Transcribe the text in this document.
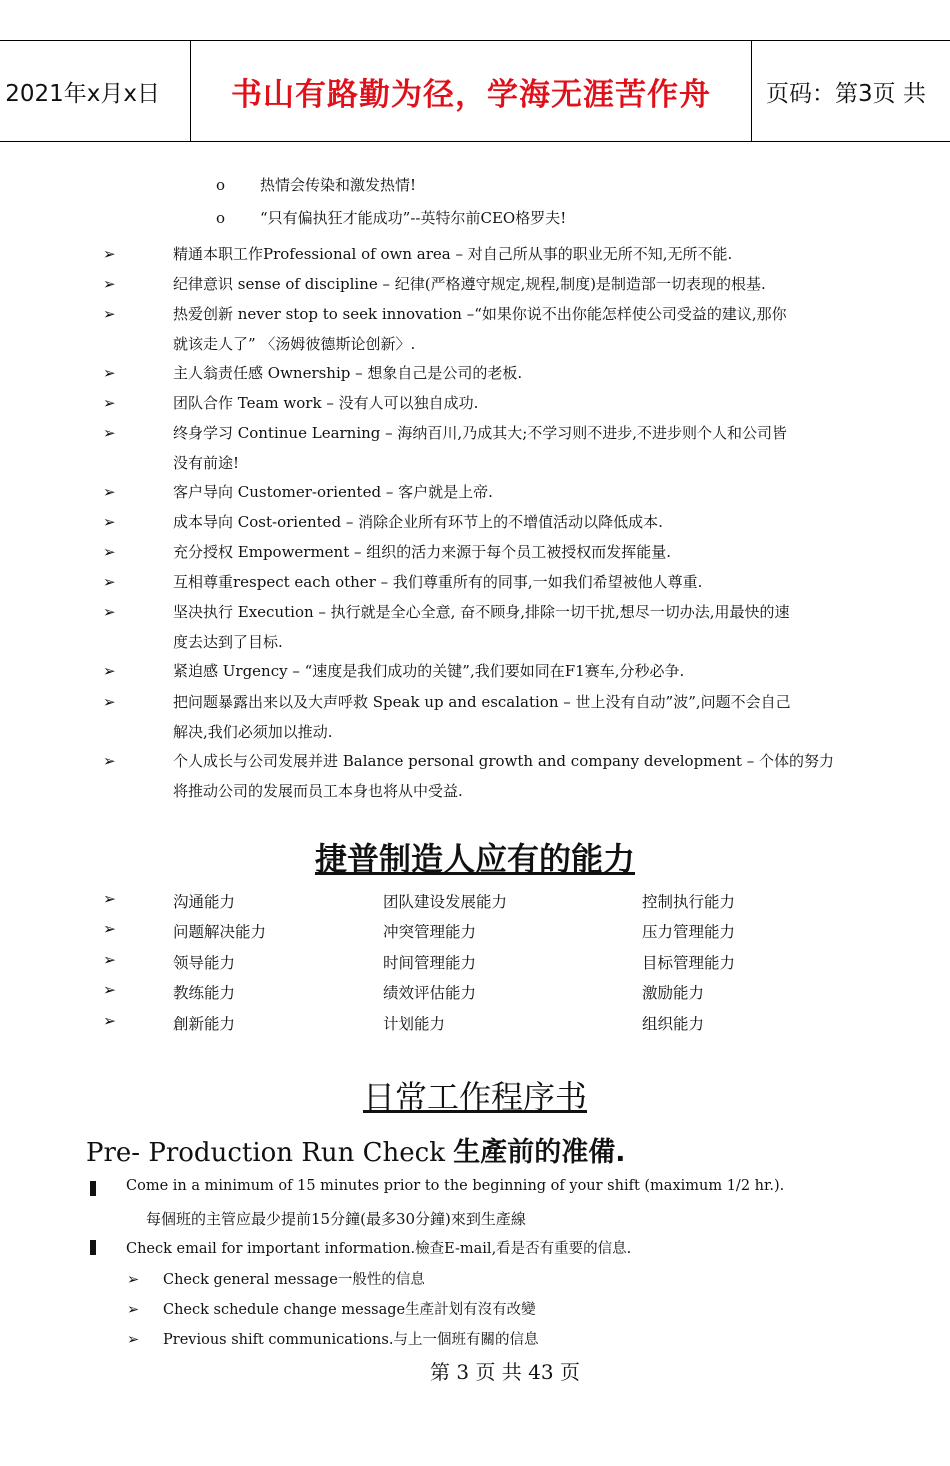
2021年x月x日 书山有路勤为径，学海无涯苦作舟 页码：第3页 共
o 热情会传染和激发热情!
o “只有偏执狂才能成功”--英特尔前CEO格罗夫!
➢	精通本职工作Professional of own area – 对自己所从事的职业无所不知,无所不能.
➢	纪律意识 sense of discipline – 纪律(严格遵守规定,规程,制度)是制造部一切表现的根基.
➢	热爱创新 never stop to seek innovation –“如果你说不出你能怎样使公司受益的建议,那你
就该走人了” 〈汤姆彼德斯论创新〉.
➢	主人翁责任感 Ownership – 想象自己是公司的老板.
➢	团队合作 Team work – 没有人可以独自成功.
➢	终身学习 Continue Learning – 海纳百川,乃成其大;不学习则不进步,不进步则个人和公司皆
没有前途!
➢	客户导向 Customer-oriented – 客户就是上帝.
➢	成本导向 Cost-oriented – 消除企业所有环节上的不增值活动以降低成本.
➢	充分授权 Empowerment – 组织的活力来源于每个员工被授权而发挥能量.
➢	互相尊重respect each other – 我们尊重所有的同事,一如我们希望被他人尊重.
➢	坚决执行 Execution – 执行就是全心全意, 奋不顾身,排除一切干扰,想尽一切办法,用最快的速
度去达到了目标.
➢	紧迫感 Urgency – “速度是我们成功的关键”,我们要如同在F1赛车,分秒必争.
➢	把问题暴露出来以及大声呼救 Speak up and escalation – 世上没有自动”波”,问题不会自己
解决,我们必须加以推动.
➢	个人成长与公司发展并进 Balance personal growth and company development – 个体的努力
将推动公司的发展而员工本身也将从中受益.
捷普制造人应有的能力
➢	沟通能力	团队建设发展能力	控制执行能力
➢	问题解决能力	冲突管理能力	压力管理能力
➢	领导能力	时间管理能力	目标管理能力
➢	教练能力	绩效评估能力	激励能力
➢	創新能力	计划能力	组织能力
日常工作程序书
Pre- Production Run Check 生產前的准備.
Come in a minimum of 15 minutes prior to the beginning of your shift (maximum 1/2 hr.).
每個班的主管应最少提前15分鐘(最多30分鐘)來到生產線
Check email for important information.檢查E-mail,看是否有重要的信息.
➢ Check general message一般性的信息
➢ Check schedule change message生產計划有沒有改變
➢ Previous shift communications.与上一個班有關的信息
第 3 页 共 43 页
